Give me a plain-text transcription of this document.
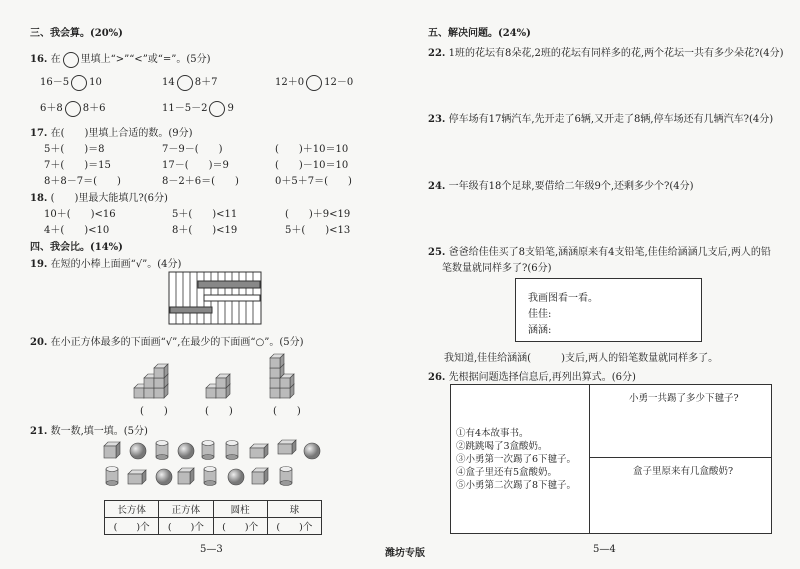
三、我会算。(20%)
16. 在 里填上“>”“<”或“=”。(5分)
16－5 10	14 8＋7	12＋0 12－0
6＋8 8＋6	11－5－2 9
17. 在(　　)里填上合适的数。(9分)
5＋(　　)＝8	7－9－(　　)	(　　)＋10＝10
7＋(　　)＝15	17－(　　)＝9	(　　)－10＝10
8＋8－7＝(　　)	8－2＋6＝(　　)	0＋5＋7＝(　　)
18. (　　)里最大能填几?(6分)
10＋(　　)<16	5＋(　　)<11	(　　)＋9<19
4＋(　　)<10	8＋(　　)<19	5＋(　　)<13
四、我会比。(14%)
19. 在短的小棒上面画“√”。(4分)
20. 在小正方体最多的下面画“√”,在最少的下面画“○”。(5分)
(　　)	(　　)	(　　)
21. 数一数,填一填。(5分)
长方体	正方体	圆柱	球
(　　)个	(　　)个	(　　)个	(　　)个
5—3
五、解决问题。(24%)
22. 1班的花坛有8朵花,2班的花坛有同样多的花,两个花坛一共有多少朵花?(4分)
23. 停车场有17辆汽车,先开走了6辆,又开走了8辆,停车场还有几辆汽车?(4分)
24. 一年级有18个足球,要借给二年级9个,还剩多少个?(4分)
25. 爸爸给佳佳买了8支铅笔,涵涵原来有4支铅笔,佳佳给涵涵几支后,两人的铅
笔数量就同样多了?(6分)
我画图看一看。
佳佳:
涵涵:
我知道,佳佳给涵涵(　　　)支后,两人的铅笔数量就同样多了。
26. 先根据问题选择信息后,再列出算式。(6分)
①有4本故事书。
②跳跳喝了3盒酸奶。
③小勇第一次踢了6下毽子。
④盒子里还有5盒酸奶。
⑤小勇第二次踢了8下毽子。
小勇一共踢了多少下毽子?
盒子里原来有几盒酸奶?
潍坊专版	5—4
